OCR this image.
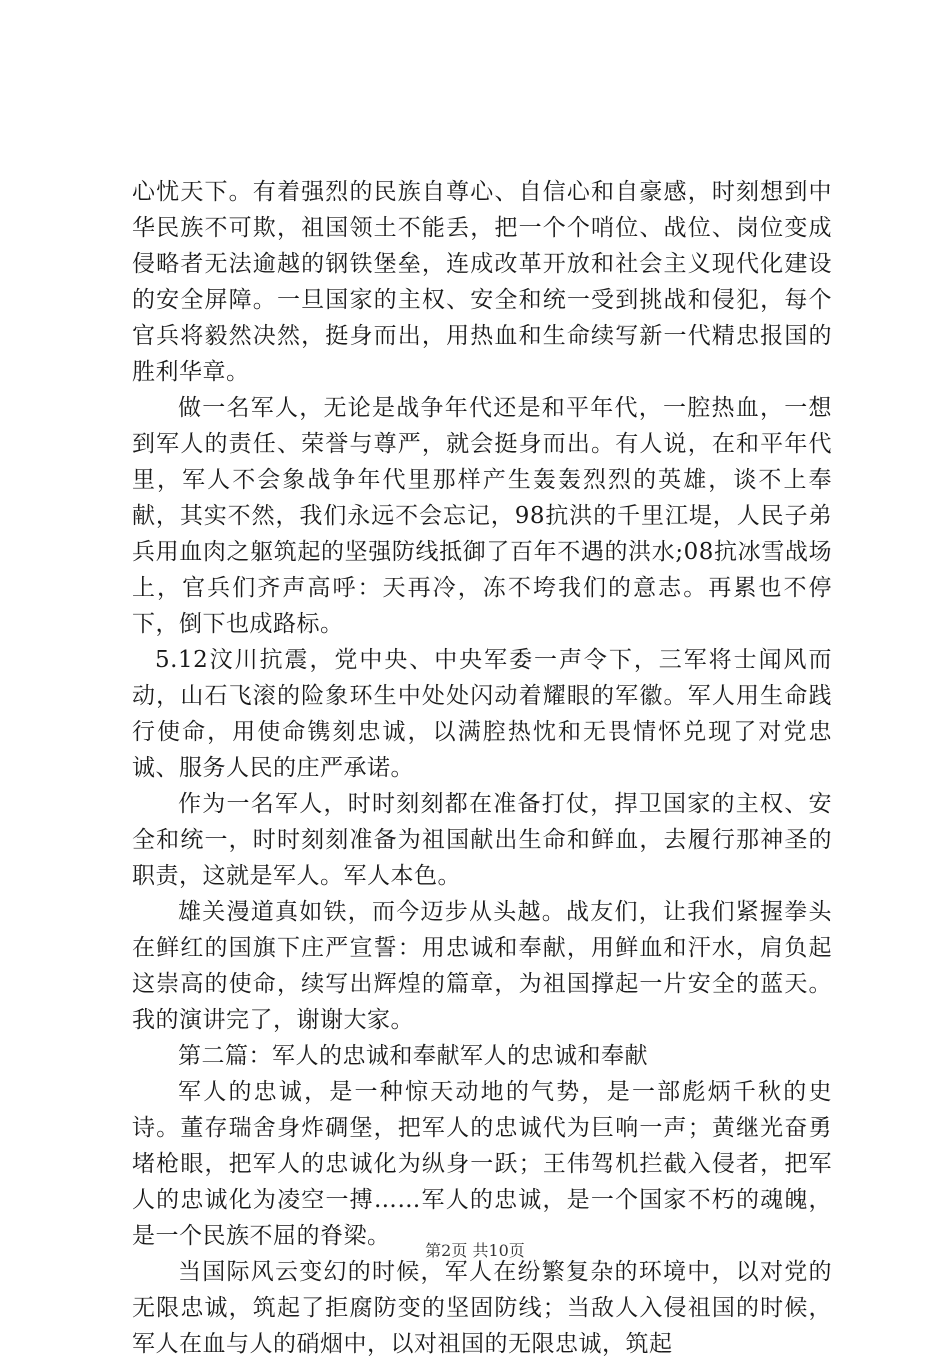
心忧天下。有着强烈的民族自尊心、自信心和自豪感，时刻想到中华民族不可欺，祖国领土不能丢，把一个个哨位、战位、岗位变成侵略者无法逾越的钢铁堡垒，连成改革开放和社会主义现代化建设的安全屏障。一旦国家的主权、安全和统一受到挑战和侵犯，每个官兵将毅然决然，挺身而出，用热血和生命续写新一代精忠报国的胜利华章。

做一名军人，无论是战争年代还是和平年代，一腔热血，一想到军人的责任、荣誉与尊严，就会挺身而出。有人说，在和平年代里，军人不会象战争年代里那样产生轰轰烈烈的英雄，谈不上奉献，其实不然，我们永远不会忘记，98抗洪的千里江堤，人民子弟兵用血肉之躯筑起的坚强防线抵御了百年不遇的洪水;08抗冰雪战场上，官兵们齐声高呼：天再冷，冻不垮我们的意志。再累也不停下，倒下也成路标。

5.12汶川抗震，党中央、中央军委一声令下，三军将士闻风而动，山石飞滚的险象环生中处处闪动着耀眼的军徽。军人用生命践行使命，用使命镌刻忠诚，以满腔热忱和无畏情怀兑现了对党忠诚、服务人民的庄严承诺。

作为一名军人，时时刻刻都在准备打仗，捍卫国家的主权、安全和统一，时时刻刻准备为祖国献出生命和鲜血，去履行那神圣的职责，这就是军人。军人本色。

雄关漫道真如铁，而今迈步从头越。战友们，让我们紧握拳头在鲜红的国旗下庄严宣誓：用忠诚和奉献，用鲜血和汗水，肩负起这崇高的使命，续写出辉煌的篇章，为祖国撑起一片安全的蓝天。我的演讲完了，谢谢大家。

第二篇：军人的忠诚和奉献军人的忠诚和奉献

军人的忠诚，是一种惊天动地的气势，是一部彪炳千秋的史诗。董存瑞舍身炸碉堡，把军人的忠诚代为巨响一声；黄继光奋勇堵枪眼，把军人的忠诚化为纵身一跃；王伟驾机拦截入侵者，把军人的忠诚化为凌空一搏……军人的忠诚，是一个国家不朽的魂魄，是一个民族不屈的脊梁。

当国际风云变幻的时候，军人在纷繁复杂的环境中，以对党的无限忠诚，筑起了拒腐防变的坚固防线；当敌人入侵祖国的时候，军人在血与人的硝烟中，以对祖国的无限忠诚，筑起

第2页 共10页
